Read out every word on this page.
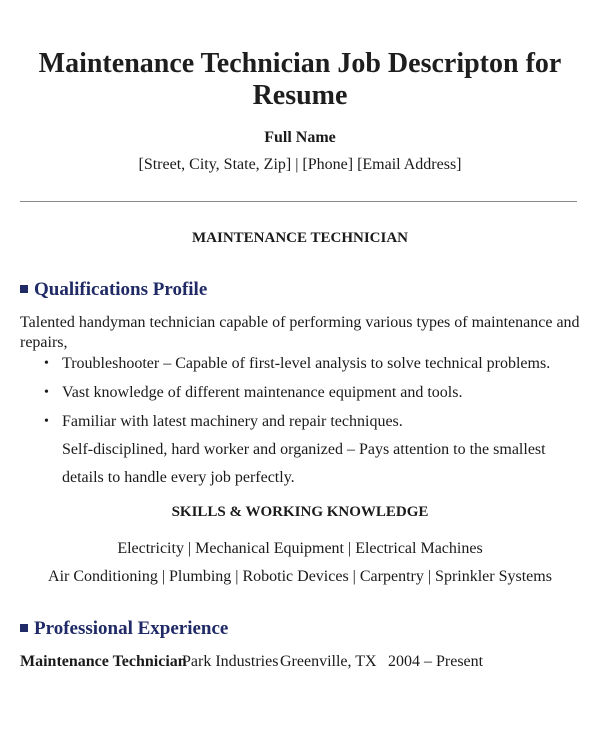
Maintenance Technician Job Descripton for Resume
Full Name
[Street, City, State, Zip] | [Phone] [Email Address]
MAINTENANCE TECHNICIAN
Qualifications Profile
Talented handyman technician capable of performing various types of maintenance and repairs,
• Troubleshooter – Capable of first-level analysis to solve technical problems.
• Vast knowledge of different maintenance equipment and tools.
• Familiar with latest machinery and repair techniques.
Self-disciplined, hard worker and organized – Pays attention to the smallest details to handle every job perfectly.
SKILLS & WORKING KNOWLEDGE
Electricity | Mechanical Equipment | Electrical Machines
Air Conditioning | Plumbing | Robotic Devices | Carpentry | Sprinkler Systems
Professional Experience
Maintenance TechnicianPark IndustriesGreenville, TX 2004 – Present
